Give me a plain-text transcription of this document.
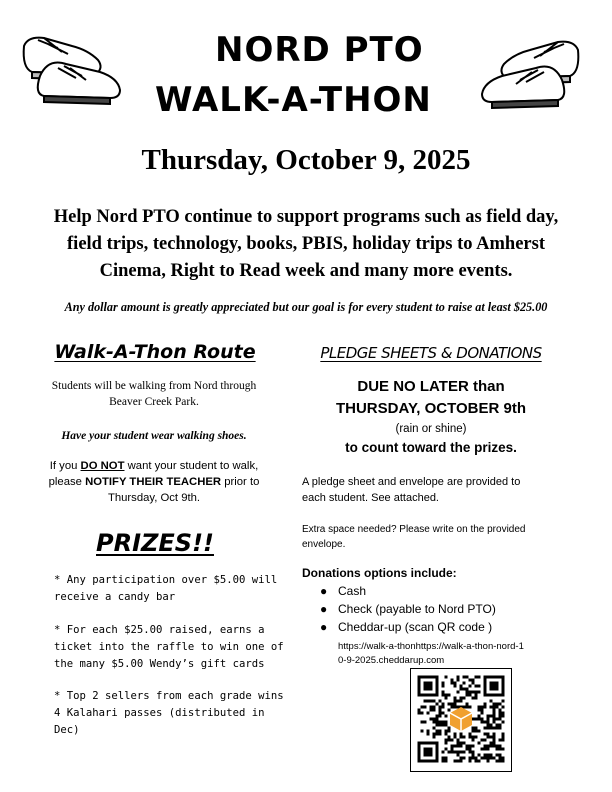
NORD PTO
WALK-A-THON
Thursday, October 9, 2025
Help Nord PTO continue to support programs such as field day,
field trips, technology, books, PBIS, holiday trips to Amherst
Cinema, Right to Read week and many more events.
Any dollar amount is greatly appreciated but our goal is for every student to raise at least $25.00
Walk-A-Thon Route
Students will be walking from Nord through
Beaver Creek Park.
Have your student wear walking shoes.
If you DO NOT want your student to walk,
please NOTIFY THEIR TEACHER prior to
Thursday, Oct 9th.
PRIZES!!
* Any participation over $5.00 will
receive a candy bar
* For each $25.00 raised, earns a
ticket into the raffle to win one of
the many $5.00 Wendy’s gift cards
* Top 2 sellers from each grade wins
4 Kalahari passes (distributed in Dec)
PLEDGE SHEETS & DONATIONS
DUE NO LATER than
THURSDAY, OCTOBER 9th
(rain or shine)
to count toward the prizes.
A pledge sheet and envelope are provided to
each student. See attached.
Extra space needed? Please write on the provided
envelope.
Donations options include:
● Cash
● Check (payable to Nord PTO)
● Cheddar-up (scan QR code )
https://walk-a-thonhttps://walk-a-thon-nord-1
0-9-2025.cheddarup.com
